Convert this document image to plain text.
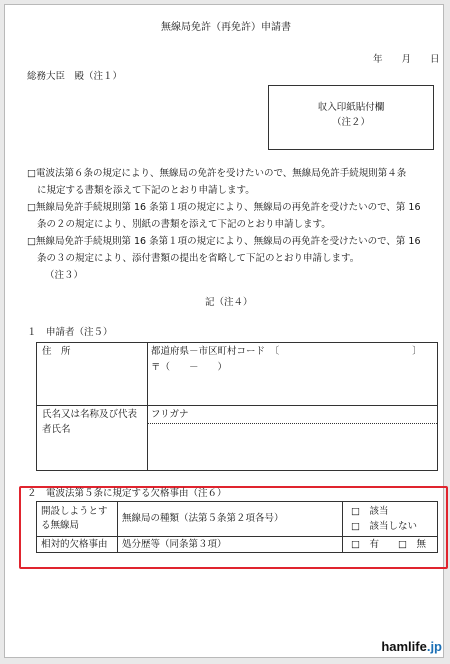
無線局免許（再免許）申請書
年　　月　　日
総務大臣　殿（注１）
収入印紙貼付欄
（注２）

□電波法第６条の規定により、無線局の免許を受けたいので、無線局免許手続規則第４条

に規定する書類を添えて下記のとおり申請します。

□無線局免許手続規則第 16 条第１項の規定により、無線局の再免許を受けたいので、第 16

条の２の規定により、別紙の書類を添えて下記のとおり申請します。

□無線局免許手続規則第 16 条第１項の規定により、無線局の再免許を受けたいので、第 16

条の３の規定により、添付書類の提出を省略して下記のとおり申請します。

（注３）

記（注４）
１　申請者（注５）
住　所	都道府県－市区町村コード　〔　　　　　　　　　　　　　　〕
〒（　　－　　）
氏名又は名称及び代表
者氏名
フリガナ
２　電波法第５条に規定する欠格事由（注６）
開設しようとす
る無線局
無線局の種類（法第５条第２項各号）
□　該当
□　該当しない
相対的欠格事由 処分歴等（同条第３項）	□　有　　□　無
hamlife.jp
